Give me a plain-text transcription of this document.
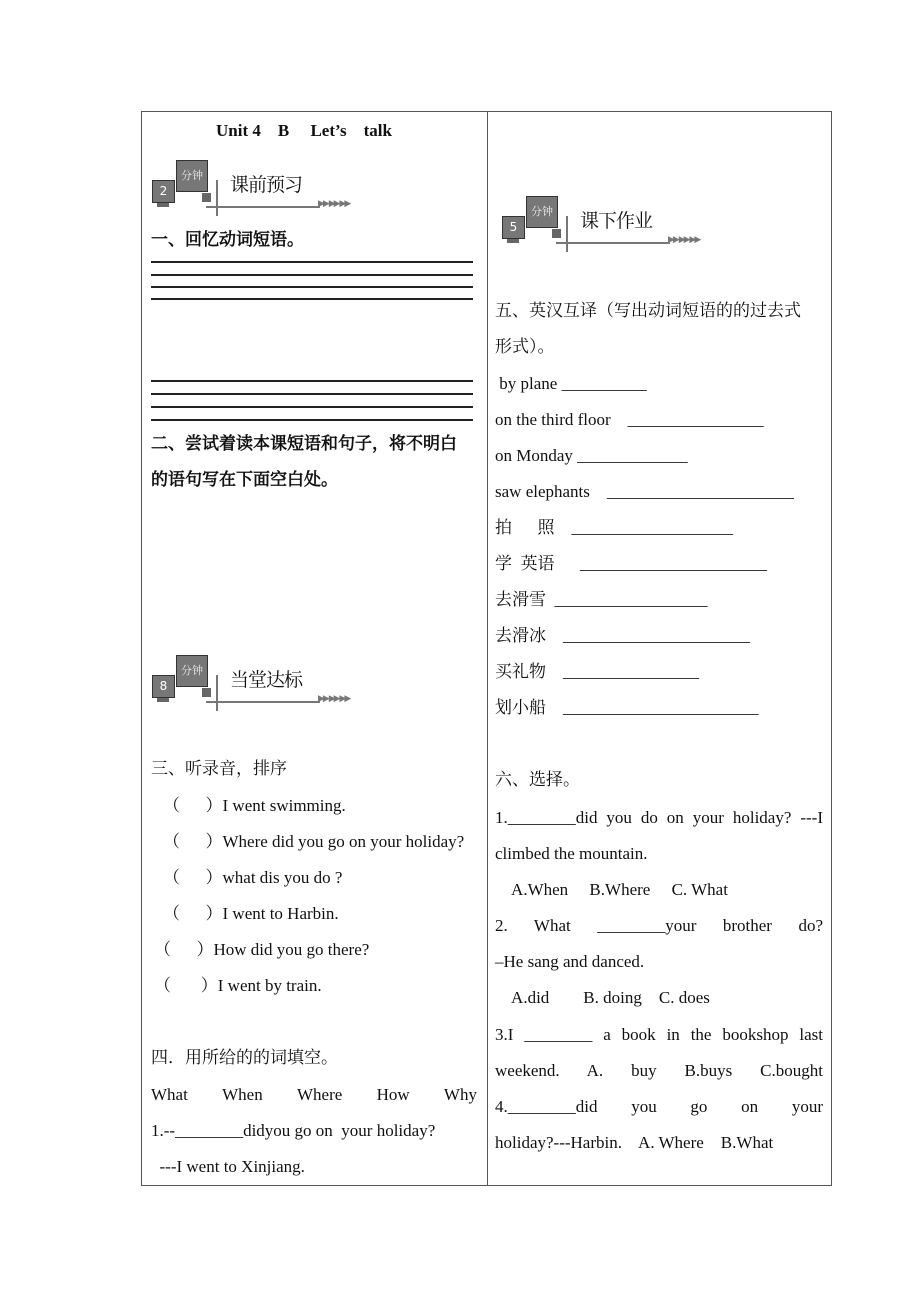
Unit 4    B     Let’s    talk
分钟
2
▶▶ ▶▶ ▶▶
课前预习
一、回忆动词短语。
二、尝试着读本课短语和句子，将不明白
的语句写在下面空白处。
分钟
8
▶▶ ▶▶ ▶▶
当堂达标
三、听录音，排序
（      ）I went swimming.
（      ）Where did you go on your holiday?
（      ）what dis you do ?
（      ）I went to Harbin.
（      ）How did you go there?
（       ）I went by train.
四．用所给的的词填空。
What When Where How Why
1.--________didyou go on  your holiday?
---I went to Xinjiang.
分钟
5
▶▶ ▶▶ ▶▶
课下作业
五、英汉互译（写出动词短语的的过去式
形式）。
by plane __________
on the third floor    ________________
on Monday _____________
saw elephants    ______________________
拍      照    ___________________
学  英语      ______________________
去滑雪  __________________
去滑冰    ______________________
买礼物    ________________
划小船    _______________________
六、选择。
1.________did you do on your holiday? ---I
climbed the mountain.
A.When     B.Where     C. What
2. What ________your brother do?
–He sang and danced.
A.did        B. doing    C. does
3.I ________ a book in the bookshop last
weekend. A. buy B.buys C.bought
4.________did you go on your
holiday?---Harbin.    A. Where    B.What
